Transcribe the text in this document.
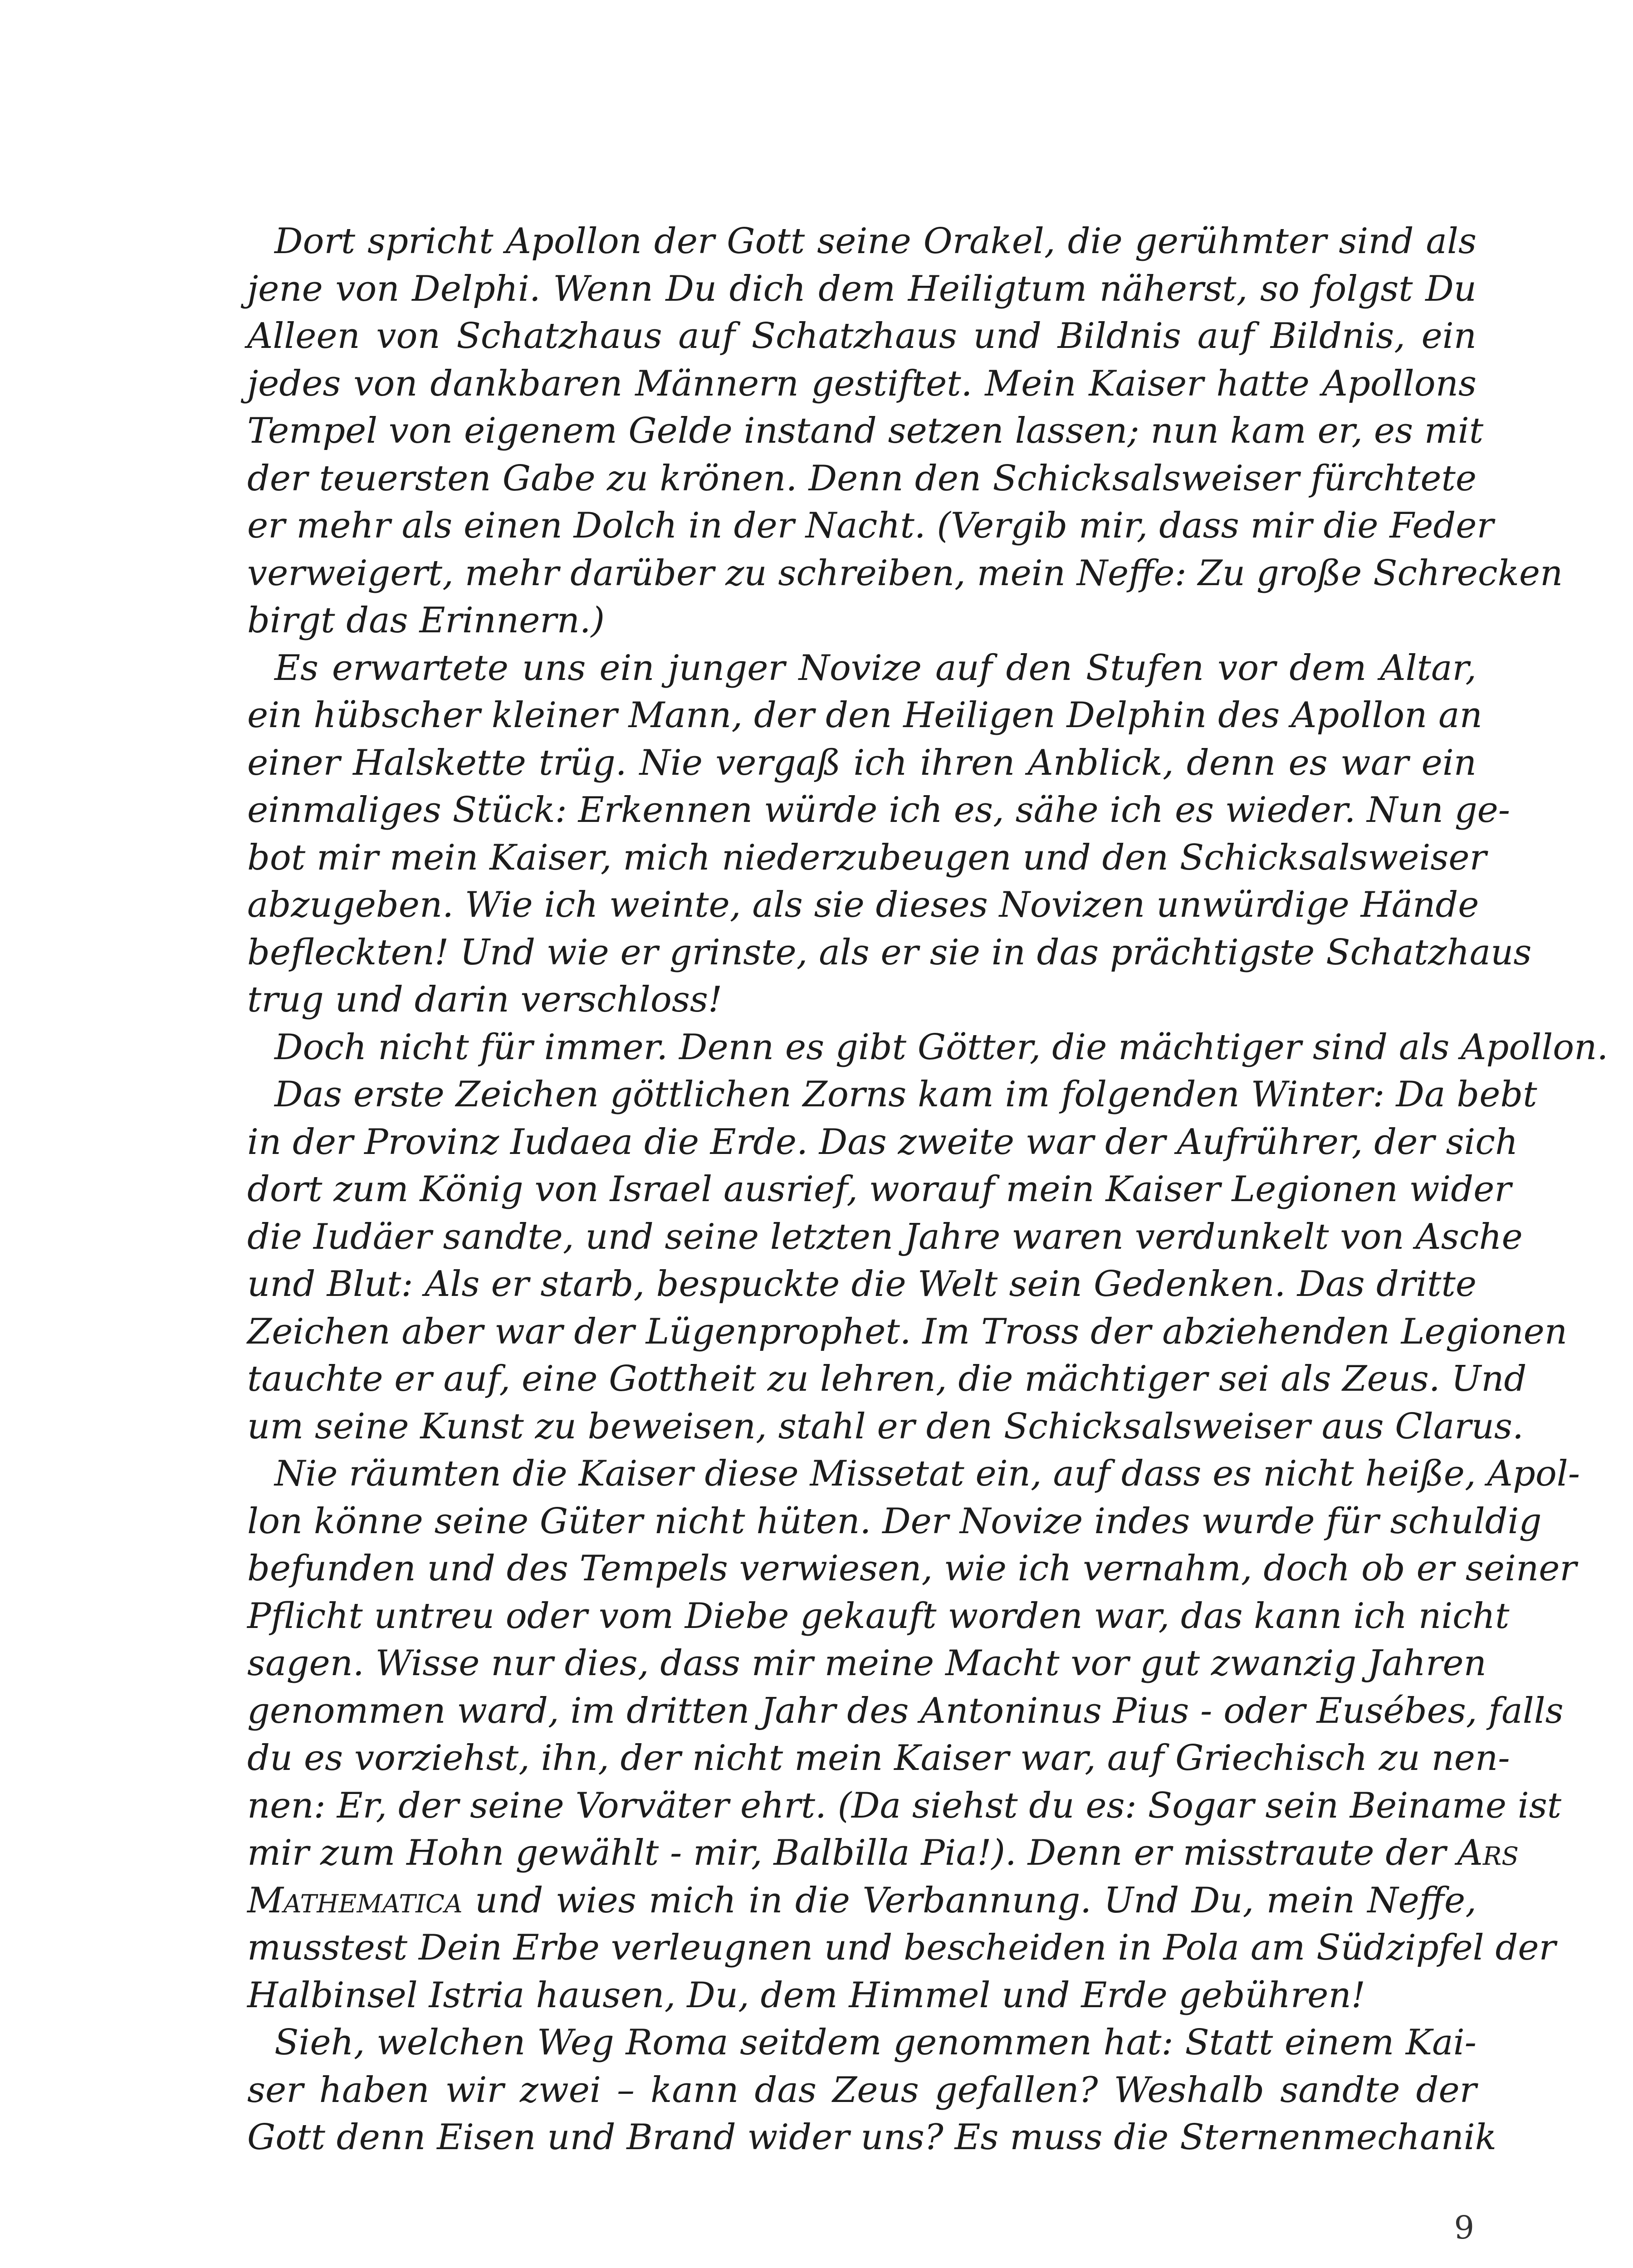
Dort spricht Apollon der Gott seine Orakel, die gerühmter sind als
jene von Delphi. Wenn Du dich dem Heiligtum näherst, so folgst Du
Alleen von Schatzhaus auf Schatzhaus und Bildnis auf Bildnis, ein
jedes von dankbaren Männern gestiftet. Mein Kaiser hatte Apollons
Tempel von eigenem Gelde instand setzen lassen; nun kam er, es mit
der teuersten Gabe zu krönen. Denn den Schicksalsweiser fürchtete
er mehr als einen Dolch in der Nacht. (Vergib mir, dass mir die Feder
verweigert, mehr darüber zu schreiben, mein Neffe: Zu große Schrecken
birgt das Erinnern.)
Es erwartete uns ein junger Novize auf den Stufen vor dem Altar,
ein hübscher kleiner Mann, der den Heiligen Delphin des Apollon an
einer Halskette trüg. Nie vergaß ich ihren Anblick, denn es war ein
einmaliges Stück: Erkennen würde ich es, sähe ich es wieder. Nun ge-
bot mir mein Kaiser, mich niederzubeugen und den Schicksalsweiser
abzugeben. Wie ich weinte, als sie dieses Novizen unwürdige Hände
befleckten! Und wie er grinste, als er sie in das prächtigste Schatzhaus
trug und darin verschloss!
Doch nicht für immer. Denn es gibt Götter, die mächtiger sind als Apollon.
Das erste Zeichen göttlichen Zorns kam im folgenden Winter: Da bebt
in der Provinz Iudaea die Erde. Das zweite war der Aufrührer, der sich
dort zum König von Israel ausrief, worauf mein Kaiser Legionen wider
die Iudäer sandte, und seine letzten Jahre waren verdunkelt von Asche
und Blut: Als er starb, bespuckte die Welt sein Gedenken. Das dritte
Zeichen aber war der Lügenprophet. Im Tross der abziehenden Legionen
tauchte er auf, eine Gottheit zu lehren, die mächtiger sei als Zeus. Und
um seine Kunst zu beweisen, stahl er den Schicksalsweiser aus Clarus.
Nie räumten die Kaiser diese Missetat ein, auf dass es nicht heiße, Apol-
lon könne seine Güter nicht hüten. Der Novize indes wurde für schuldig
befunden und des Tempels verwiesen, wie ich vernahm, doch ob er seiner
Pflicht untreu oder vom Diebe gekauft worden war, das kann ich nicht
sagen. Wisse nur dies, dass mir meine Macht vor gut zwanzig Jahren
genommen ward, im dritten Jahr des Antoninus Pius - oder Eusébes, falls
du es vorziehst, ihn, der nicht mein Kaiser war, auf Griechisch zu nen-
nen: Er, der seine Vorväter ehrt. (Da siehst du es: Sogar sein Beiname ist
mir zum Hohn gewählt - mir, Balbilla Pia!). Denn er misstraute der Ars
Mathematica und wies mich in die Verbannung. Und Du, mein Neffe,
musstest Dein Erbe verleugnen und bescheiden in Pola am Südzipfel der
Halbinsel Istria hausen, Du, dem Himmel und Erde gebühren!
Sieh, welchen Weg Roma seitdem genommen hat: Statt einem Kai-
ser haben wir zwei – kann das Zeus gefallen? Weshalb sandte der
Gott denn Eisen und Brand wider uns? Es muss die Sternenmechanik
9
